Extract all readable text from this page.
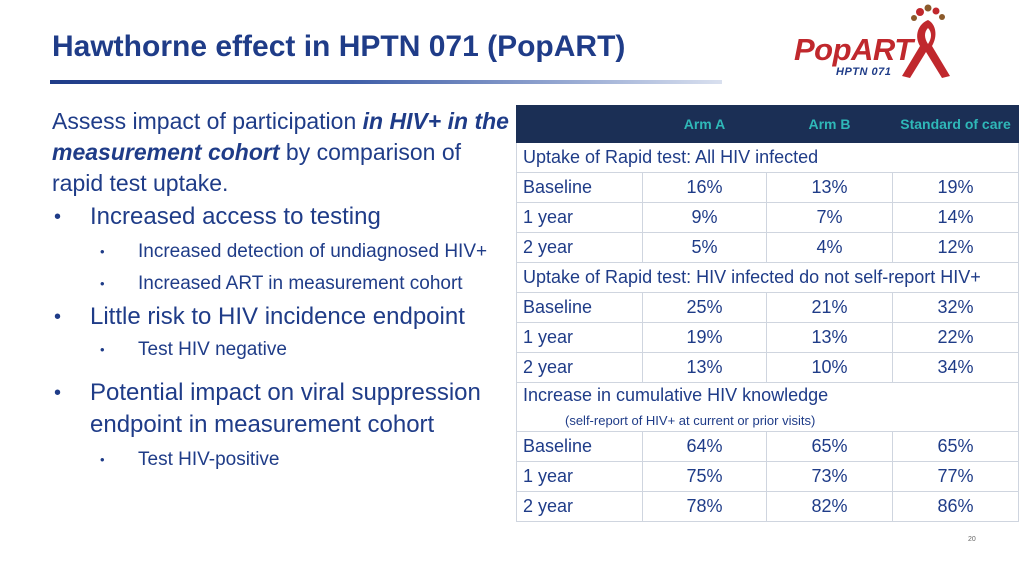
Hawthorne effect in HPTN 071 (PopART)	PopART
HPTN 071
Assess impact of participation in HIV+ in the measurement cohort by comparison of rapid test uptake.
• Increased access to testing
• Increased detection of undiagnosed HIV+
• Increased ART in measurement cohort
• Little risk to HIV incidence endpoint
• Test HIV negative
• Potential impact on viral suppression endpoint in measurement cohort
• Test HIV-positive
	Arm A	Arm B	Standard of care
Uptake of Rapid test: All HIV infected			
Baseline	16%	13%	19%
1 year	9%	7%	14%
2 year	5%	4%	12%
Uptake of Rapid test: HIV infected do not self-report HIV+			
Baseline	25%	21%	32%
1 year	19%	13%	22%
2 year	13%	10%	34%
Increase in cumulative HIV knowledge
(self-report of HIV+ at current or prior visits)			

Baseline	64%	65%	65%
1 year	75%	73%	77%
2 year	78%	82%	86%
20
